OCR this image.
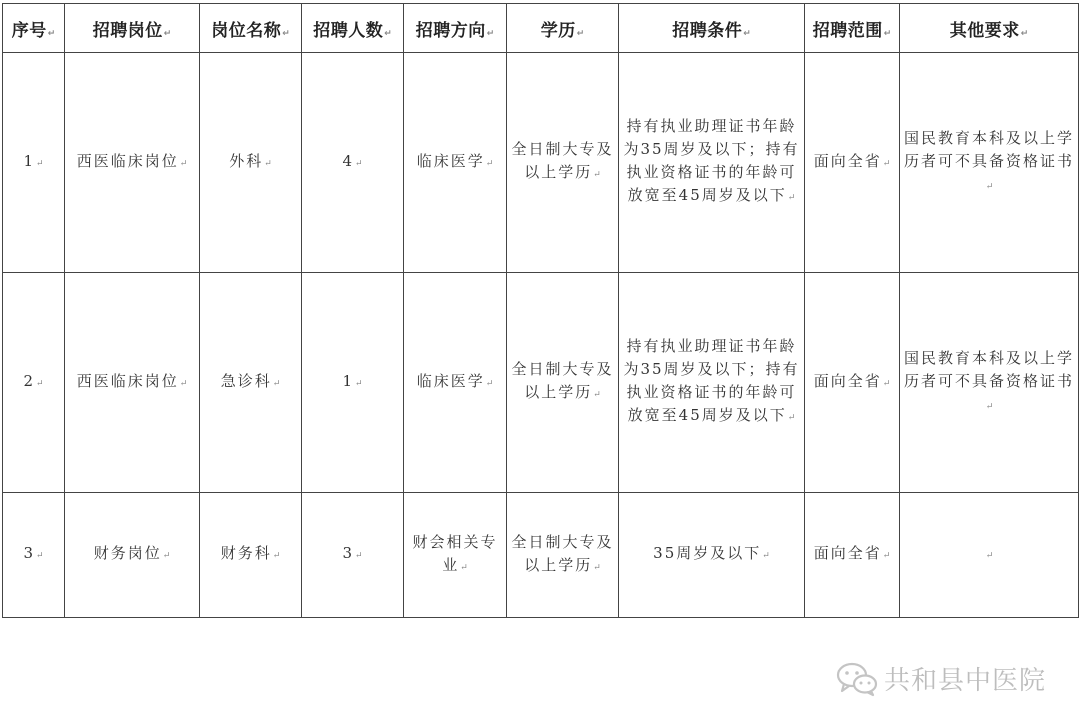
序号↵	招聘岗位↵	岗位名称↵	招聘人数↵	招聘方向↵	学历↵	招聘条件↵	招聘范围↵	其他要求↵
1↵	西医临床岗位↵	外科↵	4↵	临床医学↵	全日制大专及以上学历↵	持有执业助理证书年龄为35周岁及以下；持有执业资格证书的年龄可放宽至45周岁及以下↵	面向全省↵	国民教育本科及以上学历者可不具备资格证书↵
2↵	西医临床岗位↵	急诊科↵	1↵	临床医学↵	全日制大专及以上学历↵	持有执业助理证书年龄为35周岁及以下；持有执业资格证书的年龄可放宽至45周岁及以下↵	面向全省↵	国民教育本科及以上学历者可不具备资格证书↵
3↵	财务岗位↵	财务科↵	3↵	财会相关专业↵	全日制大专及以上学历↵	35周岁及以下↵	面向全省↵	↵
共和县中医院
